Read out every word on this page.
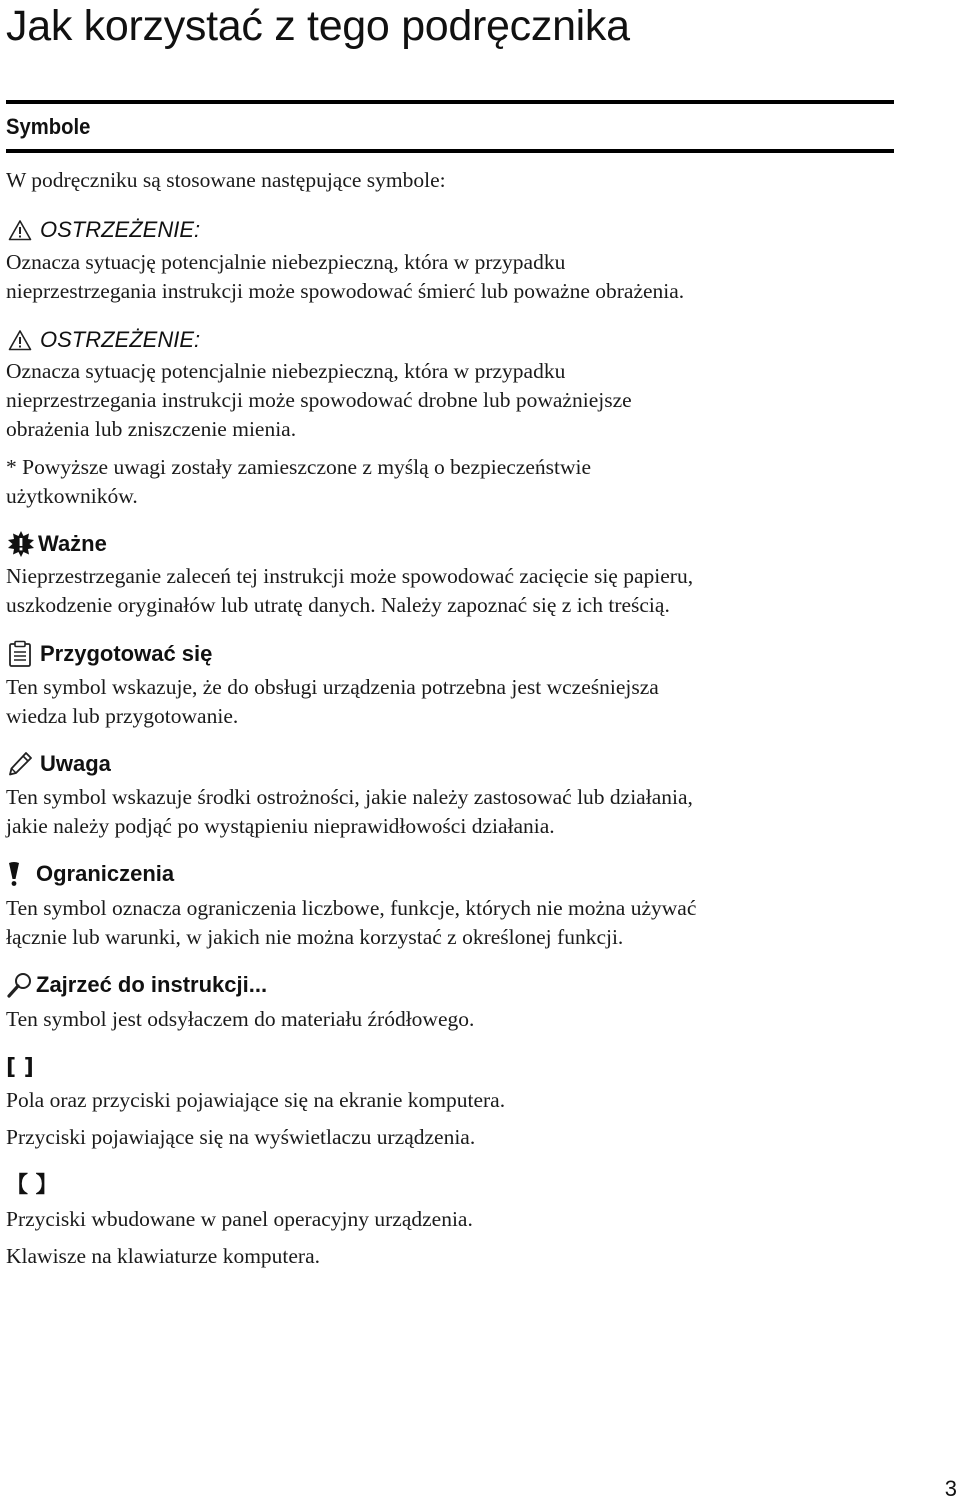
Jak korzystać z tego podręcznika
Symbole

W podręczniku są stosowane następujące symbole:

OSTRZEŻENIE:

Oznacza sytuację potencjalnie niebezpieczną, która w przypadku

nieprzestrzegania instrukcji może spowodować śmierć lub poważne obrażenia.

OSTRZEŻENIE:

Oznacza sytuację potencjalnie niebezpieczną, która w przypadku

nieprzestrzegania instrukcji może spowodować drobne lub poważniejsze

obrażenia lub zniszczenie mienia.

* Powyższe uwagi zostały zamieszczone z myślą o bezpieczeństwie

użytkowników.

Ważne

Nieprzestrzeganie zaleceń tej instrukcji może spowodować zacięcie się papieru,

uszkodzenie oryginałów lub utratę danych. Należy zapoznać się z ich treścią.

Przygotować się

Ten symbol wskazuje, że do obsługi urządzenia potrzebna jest wcześniejsza

wiedza lub przygotowanie.

Uwaga

Ten symbol wskazuje środki ostrożności, jakie należy zastosować lub działania,

jakie należy podjąć po wystąpieniu nieprawidłowości działania.

Ograniczenia

Ten symbol oznacza ograniczenia liczbowe, funkcje, których nie można używać

łącznie lub warunki, w jakich nie można korzystać z określonej funkcji.

Zajrzeć do instrukcji...

Ten symbol jest odsyłaczem do materiału źródłowego.

[ ]

Pola oraz przyciski pojawiające się na ekranie komputera.

Przyciski pojawiające się na wyświetlaczu urządzenia.

【 】

Przyciski wbudowane w panel operacyjny urządzenia.

Klawisze na klawiaturze komputera.

3
